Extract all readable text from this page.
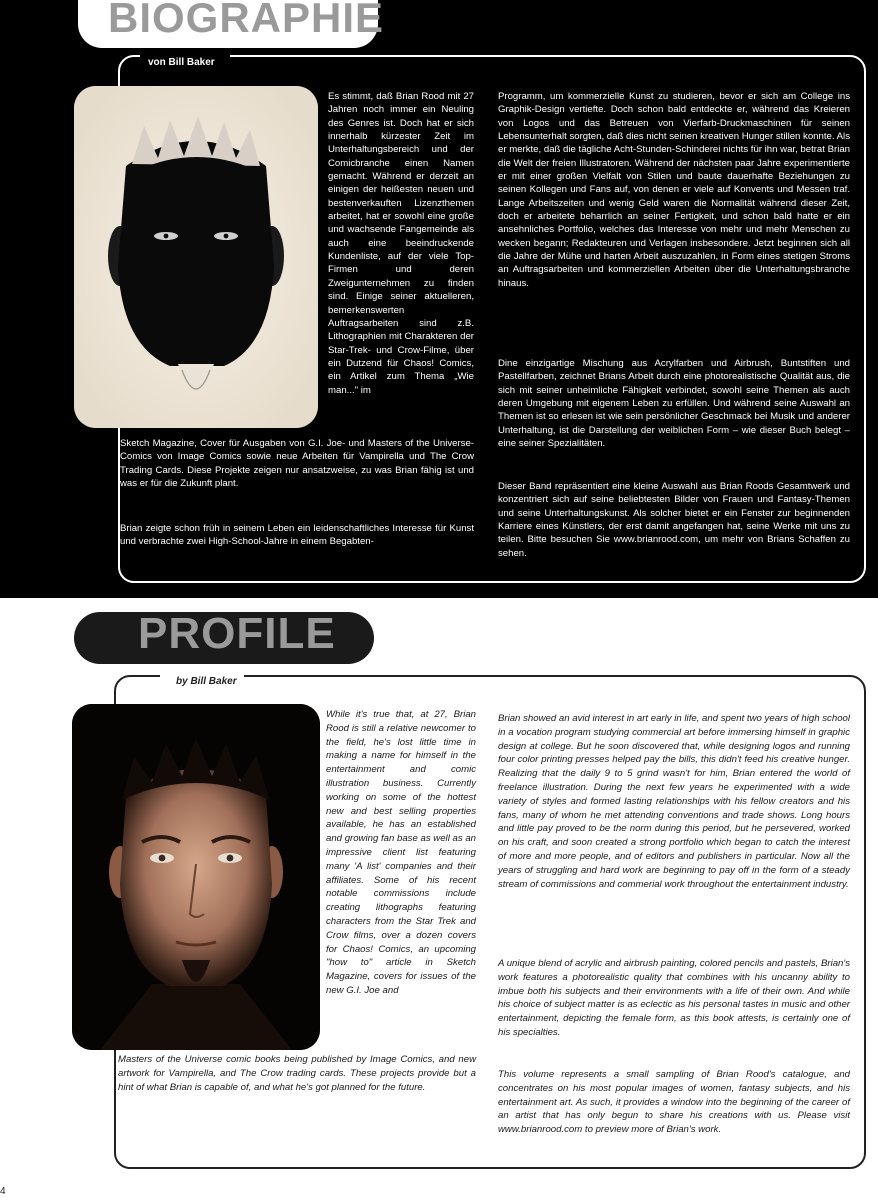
BIOGRAPHIE
von Bill Baker

Es stimmt, daß Brian Rood mit 27 Jahren noch immer ein Neuling des Genres ist. Doch hat er sich innerhalb kürzester Zeit im Unterhaltungsbereich und der Comicbranche einen Namen gemacht. Während er derzeit an einigen der heißesten neuen und bestenverkauften Lizenzthemen arbeitet, hat er sowohl eine große und wachsende Fangemeinde als auch eine beeindruckende Kundenliste, auf der viele Top-Firmen und deren Zweigunternehmen zu finden sind. Einige seiner aktuelleren, bemerkenswerten Auftragsarbeiten sind z.B. Lithographien mit Charakteren der Star-Trek- und Crow-Filme, über ein Dutzend für Chaos! Comics, ein Artikel zum Thema „Wie man..." im

Sketch Magazine, Cover für Ausgaben von G.I. Joe- und Masters of the Universe-Comics von Image Comics sowie neue Arbeiten für Vampirella und The Crow Trading Cards. Diese Projekte zeigen nur ansatzweise, zu was Brian fähig ist und was er für die Zukunft plant.

Brian zeigte schon früh in seinem Leben ein leidenschaftliches Interesse für Kunst und verbrachte zwei High-School-Jahre in einem Begabten-

Programm, um kommerzielle Kunst zu studieren, bevor er sich am College ins Graphik-Design vertiefte. Doch schon bald entdeckte er, während das Kreieren von Logos und das Betreuen von Vierfarb-Druckmaschinen für seinen Lebensunterhalt sorgten, daß dies nicht seinen kreativen Hunger stillen konnte. Als er merkte, daß die tägliche Acht-Stunden-Schinderei nichts für ihn war, betrat Brian die Welt der freien Illustratoren. Während der nächsten paar Jahre experimentierte er mit einer großen Vielfalt von Stilen und baute dauerhafte Beziehungen zu seinen Kollegen und Fans auf, von denen er viele auf Konvents und Messen traf. Lange Arbeitszeiten und wenig Geld waren die Normalität während dieser Zeit, doch er arbeitete beharrlich an seiner Fertigkeit, und schon bald hatte er ein ansehnliches Portfolio, welches das Interesse von mehr und mehr Menschen zu wecken begann; Redakteuren und Verlagen insbesondere. Jetzt beginnen sich all die Jahre der Mühe und harten Arbeit auszuzahlen, in Form eines stetigen Stroms an Auftragsarbeiten und kommerziellen Arbeiten über die Unterhaltungsbranche hinaus.

Dine einzigartige Mischung aus Acrylfarben und Airbrush, Buntstiften und Pastellfarben, zeichnet Brians Arbeit durch eine photorealistische Qualität aus, die sich mit seiner unheimliche Fähigkeit verbindet, sowohl seine Themen als auch deren Umgebung mit eigenem Leben zu erfüllen. Und während seine Auswahl an Themen ist so erlesen ist wie sein persönlicher Geschmack bei Musik und anderer Unterhaltung, ist die Darstellung der weiblichen Form – wie dieser Buch belegt – eine seiner Spezialitäten.

Dieser Band repräsentiert eine kleine Auswahl aus Brian Roods Gesamtwerk und konzentriert sich auf seine beliebtesten Bilder von Frauen und Fantasy-Themen und seine Unterhaltungskunst. Als solcher bietet er ein Fenster zur beginnenden Karriere eines Künstlers, der erst damit angefangen hat, seine Werke mit uns zu teilen. Bitte besuchen Sie www.brianrood.com, um mehr von Brians Schaffen zu sehen.

PROFILE
by Bill Baker

While it's true that, at 27, Brian Rood is still a relative newcomer to the field, he's lost little time in making a name for himself in the entertainment and comic illustration business. Currently working on some of the hottest new and best selling properties available, he has an established and growing fan base as well as an impressive client list featuring many 'A list' companies and their affiliates. Some of his recent notable commissions include creating lithographs featuring characters from the Star Trek and Crow films, over a dozen covers for Chaos! Comics, an upcoming "how to" article in Sketch Magazine, covers for issues of the new G.I. Joe and

Masters of the Universe comic books being published by Image Comics, and new artwork for Vampirella, and The Crow trading cards. These projects provide but a hint of what Brian is capable of, and what he's got planned for the future.

Brian showed an avid interest in art early in life, and spent two years of high school in a vocation program studying commercial art before immersing himself in graphic design at college. But he soon discovered that, while designing logos and running four color printing presses helped pay the bills, this didn't feed his creative hunger. Realizing that the daily 9 to 5 grind wasn't for him, Brian entered the world of freelance illustration. During the next few years he experimented with a wide variety of styles and formed lasting relationships with his fellow creators and his fans, many of whom he met attending conventions and trade shows. Long hours and little pay proved to be the norm during this period, but he persevered, worked on his craft, and soon created a strong portfolio which began to catch the interest of more and more people, and of editors and publishers in particular. Now all the years of struggling and hard work are beginning to pay off in the form of a steady stream of commissions and commerial work throughout the entertainment industry.

A unique blend of acrylic and airbrush painting, colored pencils and pastels, Brian's work features a photorealistic quality that combines with his uncanny ability to imbue both his subjects and their environments with a life of their own. And while his choice of subject matter is as eclectic as his personal tastes in music and other entertainment, depicting the female form, as this book attests, is certainly one of his specialties.

This volume represents a small sampling of Brian Rood's catalogue, and concentrates on his most popular images of women, fantasy subjects, and his entertainment art. As such, it provides a window into the beginning of the career of an artist that has only begun to share his creations with us. Please visit www.brianrood.com to preview more of Brian's work.

4
